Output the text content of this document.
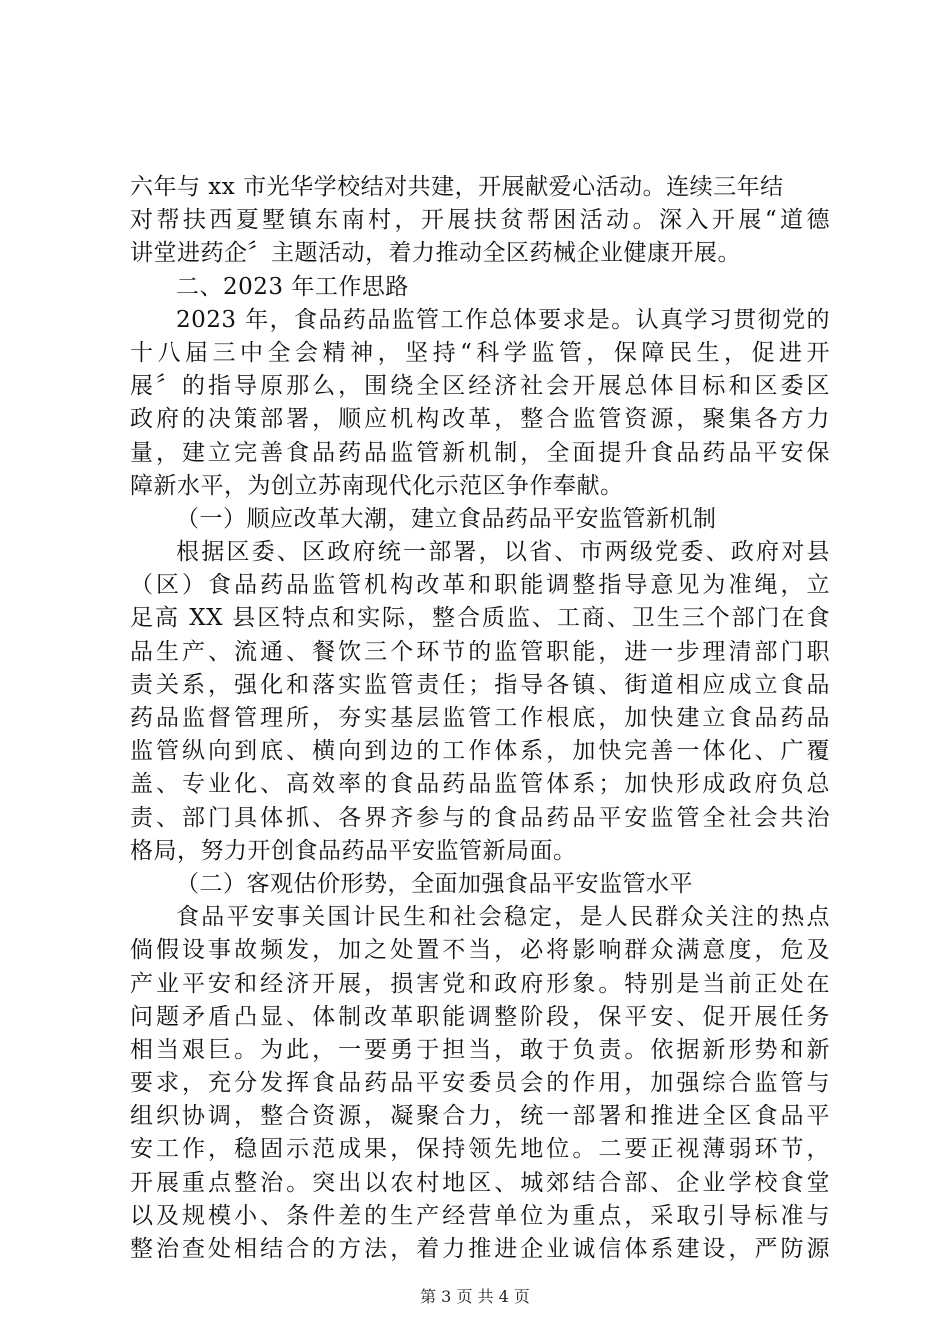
六年与 xx 市光华学校结对共建，开展献爱心活动。连续三年结
对帮扶西夏墅镇东南村，开展扶贫帮困活动。深入开展“道德
讲堂进药企〞主题活动，着力推动全区药械企业健康开展。
二、2023 年工作思路
2023 年，食品药品监管工作总体要求是。认真学习贯彻党的
十八届三中全会精神，坚持“科学监管，保障民生，促进开
展〞的指导原那么，围绕全区经济社会开展总体目标和区委区
政府的决策部署，顺应机构改革，整合监管资源，聚集各方力
量，建立完善食品药品监管新机制，全面提升食品药品平安保
障新水平，为创立苏南现代化示范区争作奉献。
（一）顺应改革大潮，建立食品药品平安监管新机制
根据区委、区政府统一部署，以省、市两级党委、政府对县
（区）食品药品监管机构改革和职能调整指导意见为准绳，立
足高 XX 县区特点和实际，整合质监、工商、卫生三个部门在食
品生产、流通、餐饮三个环节的监管职能，进一步理清部门职
责关系，强化和落实监管责任；指导各镇、街道相应成立食品
药品监督管理所，夯实基层监管工作根底，加快建立食品药品
监管纵向到底、横向到边的工作体系，加快完善一体化、广覆
盖、专业化、高效率的食品药品监管体系；加快形成政府负总
责、部门具体抓、各界齐参与的食品药品平安监管全社会共治
格局，努力开创食品药品平安监管新局面。
（二）客观估价形势，全面加强食品平安监管水平
食品平安事关国计民生和社会稳定，是人民群众关注的热点
倘假设事故频发，加之处置不当，必将影响群众满意度，危及
产业平安和经济开展，损害党和政府形象。特别是当前正处在
问题矛盾凸显、体制改革职能调整阶段，保平安、促开展任务
相当艰巨。为此，一要勇于担当，敢于负责。依据新形势和新
要求，充分发挥食品药品平安委员会的作用，加强综合监管与
组织协调，整合资源，凝聚合力，统一部署和推进全区食品平
安工作，稳固示范成果，保持领先地位。二要正视薄弱环节，
开展重点整治。突出以农村地区、城郊结合部、企业学校食堂
以及规模小、条件差的生产经营单位为重点，采取引导标准与
整治查处相结合的方法，着力推进企业诚信体系建设，严防源
第 3 页 共 4 页
